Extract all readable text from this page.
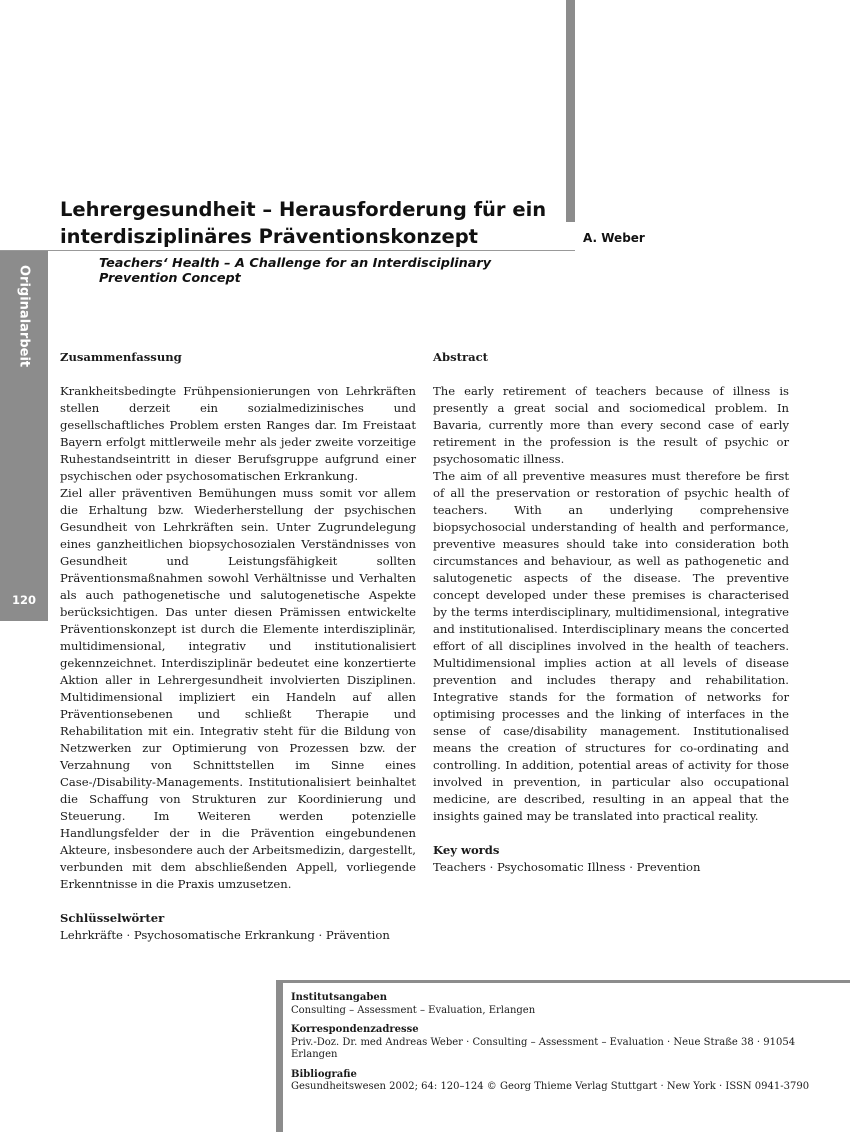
Lehrergesundheit – Herausforderung für ein interdisziplinäres Präventionskonzept	A. Weber

Teachers‘ Health – A Challenge for an Interdisciplinary Prevention Concept

Originalarbeit
120
Zusammenfassung

Krankheitsbedingte Frühpensionierungen von Lehrkräften stellen derzeit ein sozialmedizinisches und gesellschaftliches Problem ersten Ranges dar. Im Freistaat Bayern erfolgt mittlerweile mehr als jeder zweite vorzeitige Ruhestandseintritt in dieser Berufsgruppe aufgrund einer psychischen oder psychosomatischen Erkrankung.

Ziel aller präventiven Bemühungen muss somit vor allem die Erhaltung bzw. Wiederherstellung der psychischen Gesundheit von Lehrkräften sein. Unter Zugrundelegung eines ganzheitlichen biopsychosozialen Verständnisses von Gesundheit und Leistungsfähigkeit sollten Präventionsmaßnahmen sowohl Verhältnisse und Verhalten als auch pathogenetische und salutogenetische Aspekte berücksichtigen. Das unter diesen Prämissen entwickelte Präventionskonzept ist durch die Elemente interdisziplinär, multidimensional, integrativ und institutionalisiert gekennzeichnet. Interdisziplinär bedeutet eine konzertierte Aktion aller in Lehrergesundheit involvierten Disziplinen. Multidimensional impliziert ein Handeln auf allen Präventionsebenen und schließt Therapie und Rehabilitation mit ein. Integrativ steht für die Bildung von Netzwerken zur Optimierung von Prozessen bzw. der Verzahnung von Schnittstellen im Sinne eines Case-/Disability-Managements. Institutionalisiert beinhaltet die Schaffung von Strukturen zur Koordinierung und Steuerung. Im Weiteren werden potenzielle Handlungsfelder der in die Prävention eingebundenen Akteure, insbesondere auch der Arbeitsmedizin, dargestellt, verbunden mit dem abschließenden Appell, vorliegende Erkenntnisse in die Praxis umzusetzen.

Schlüsselwörter

Lehrkräfte · Psychosomatische Erkrankung · Prävention

Abstract

The early retirement of teachers because of illness is presently a great social and sociomedical problem. In Bavaria, currently more than every second case of early retirement in the profession is the result of psychic or psychosomatic illness.

The aim of all preventive measures must therefore be first of all the preservation or restoration of psychic health of teachers. With an underlying comprehensive biopsychosocial understanding of health and performance, preventive measures should take into consideration both circumstances and behaviour, as well as pathogenetic and salutogenetic aspects of the disease. The preventive concept developed under these premises is characterised by the terms interdisciplinary, multidimensional, integrative and institutionalised. Interdisciplinary means the concerted effort of all disciplines involved in the health of teachers. Multidimensional implies action at all levels of disease prevention and includes therapy and rehabilitation. Integrative stands for the formation of networks for optimising processes and the linking of interfaces in the sense of case/disability management. Institutionalised means the creation of structures for co-ordinating and controlling. In addition, potential areas of activity for those involved in prevention, in particular also occupational medicine, are described, resulting in an appeal that the insights gained may be translated into practical reality.

Key words

Teachers · Psychosomatic Illness · Prevention

Institutsangaben

Consulting – Assessment – Evaluation, Erlangen

Korrespondenzadresse

Priv.-Doz. Dr. med Andreas Weber · Consulting – Assessment – Evaluation · Neue Straße 38 · 91054 Erlangen

Bibliografie

Gesundheitswesen 2002; 64: 120–124 © Georg Thieme Verlag Stuttgart · New York · ISSN 0941-3790
